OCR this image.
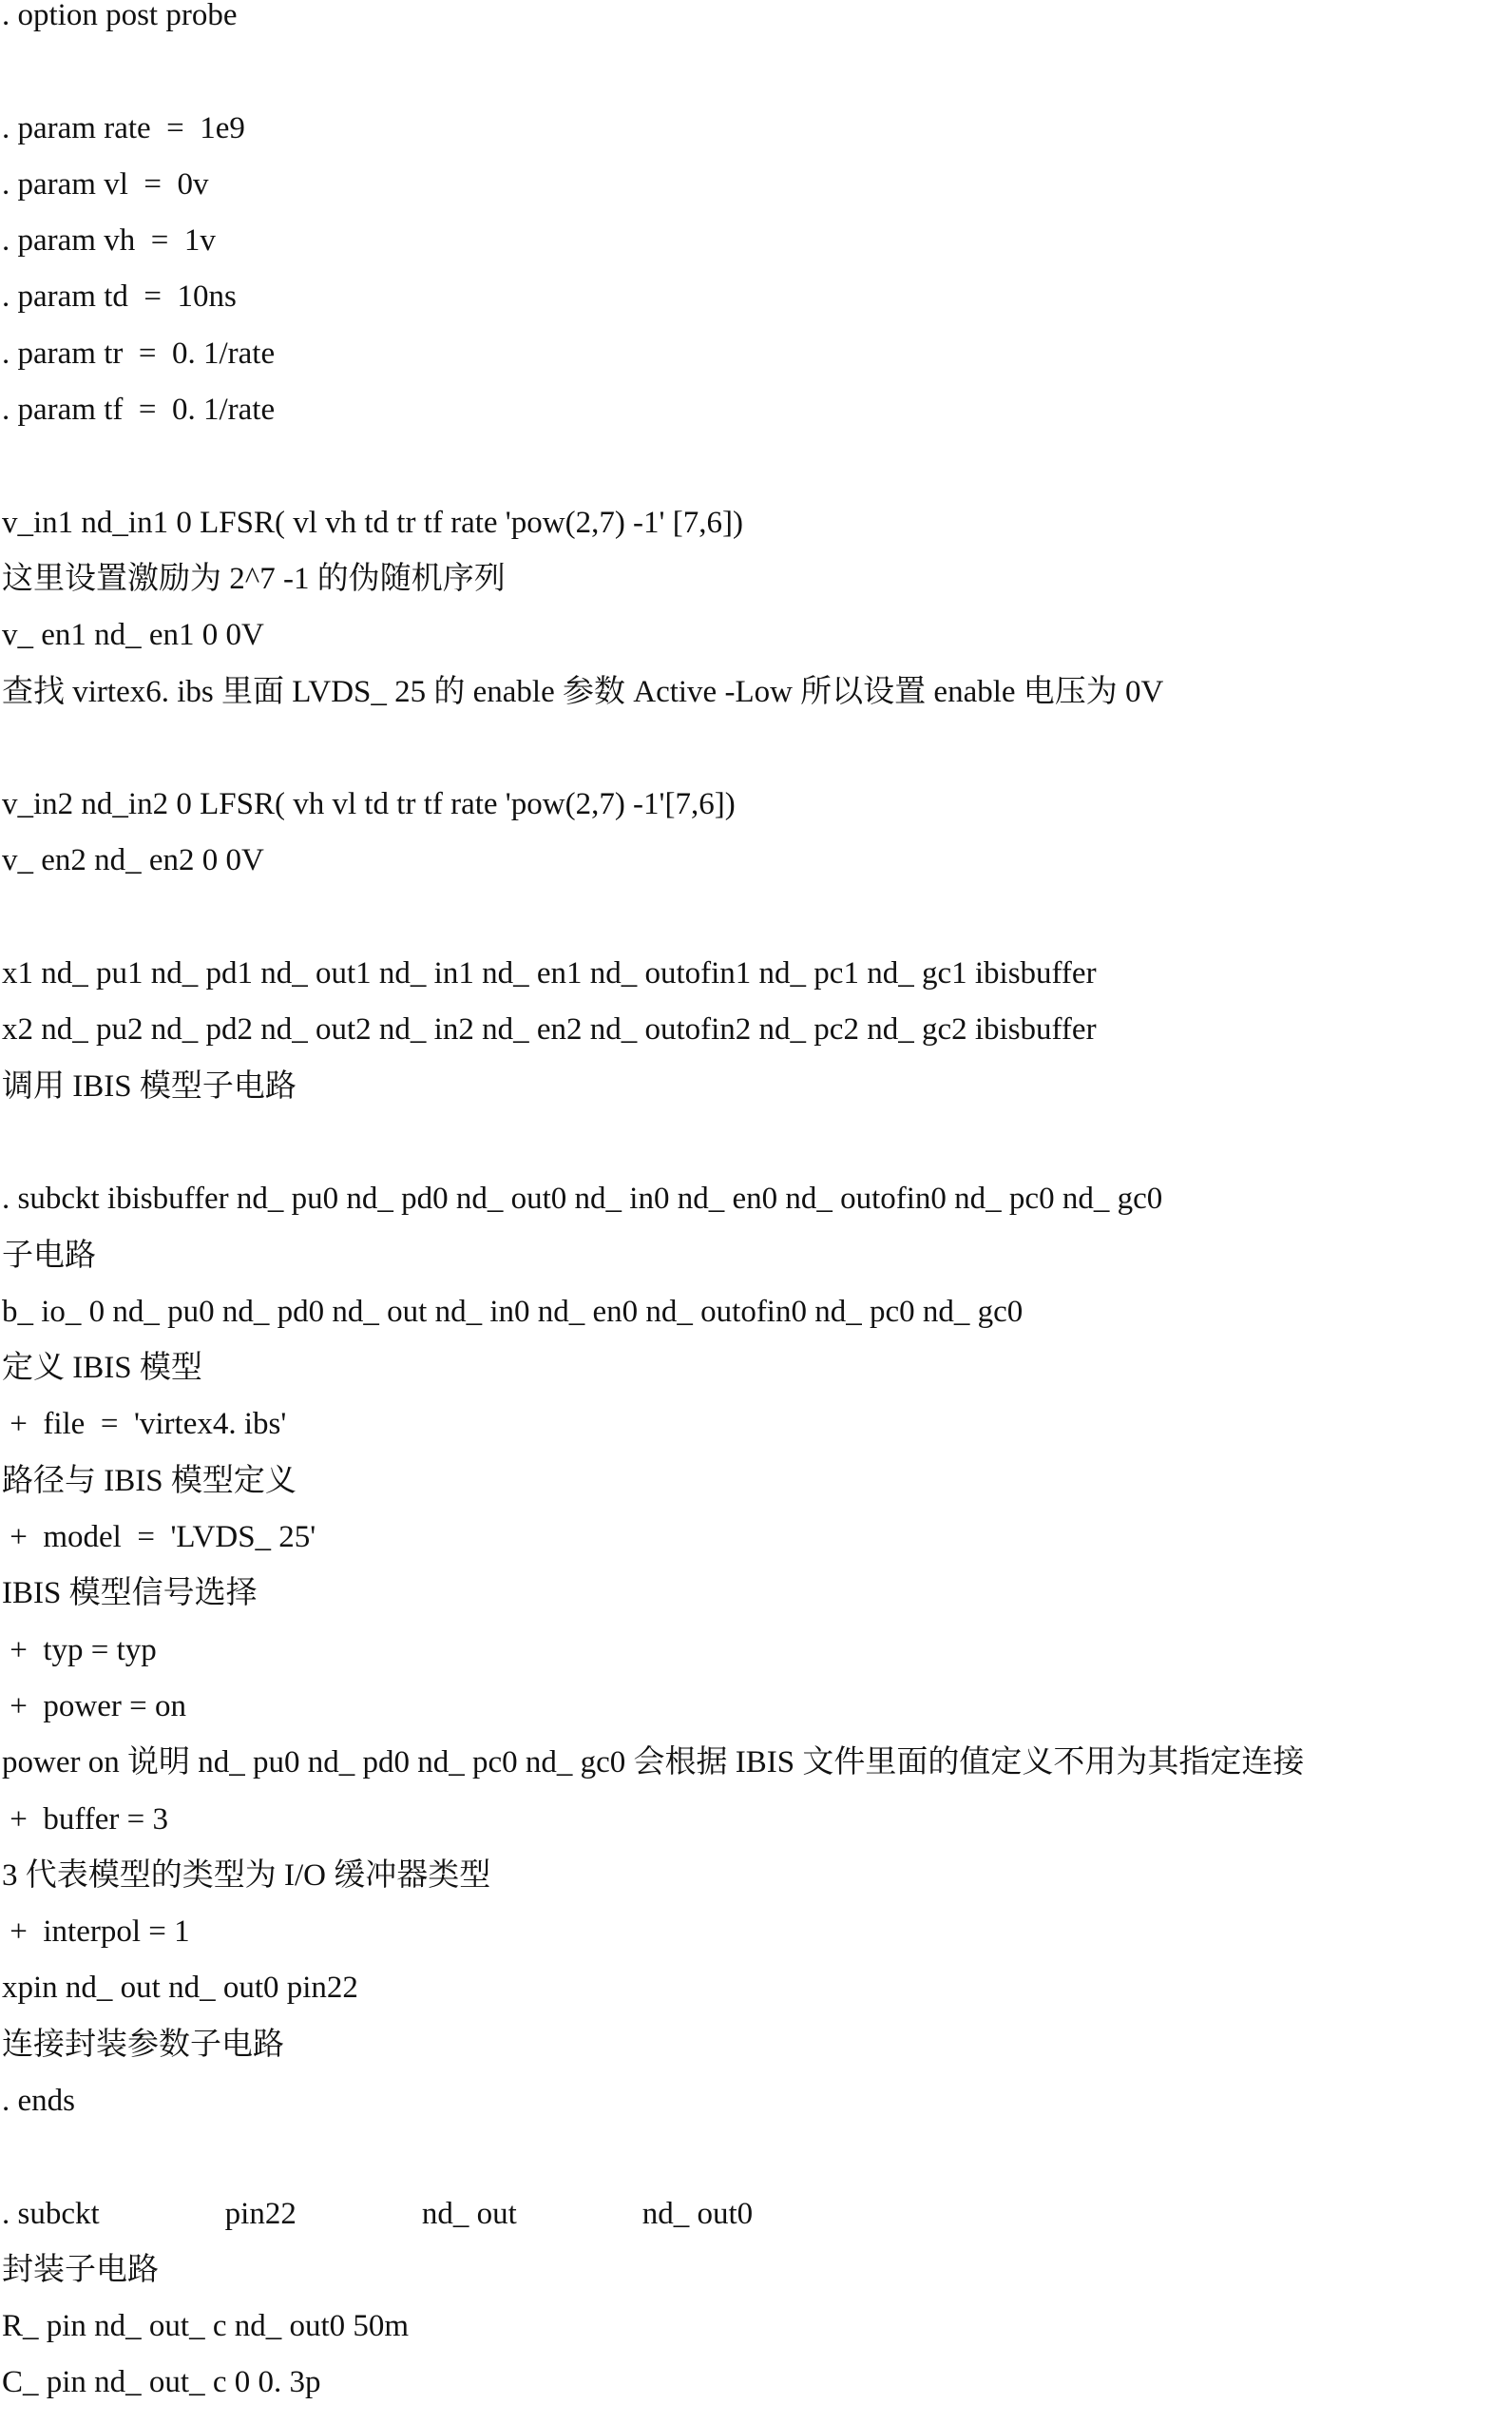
. option post probe
. param rate  =  1e9
. param vl  =  0v
. param vh  =  1v
. param td  =  10ns
. param tr  =  0. 1/rate
. param tf  =  0. 1/rate
v_in1 nd_in1 0 LFSR( vl vh td tr tf rate 'pow(2,7) -1' [7,6])
这里设置激励为 2^7 -1 的伪随机序列
v_ en1 nd_ en1 0 0V
查找 virtex6. ibs 里面 LVDS_ 25 的 enable 参数 Active -Low 所以设置 enable 电压为 0V
v_in2 nd_in2 0 LFSR( vh vl td tr tf rate 'pow(2,7) -1'[7,6])
v_ en2 nd_ en2 0 0V
x1 nd_ pu1 nd_ pd1 nd_ out1 nd_ in1 nd_ en1 nd_ outofin1 nd_ pc1 nd_ gc1 ibisbuffer
x2 nd_ pu2 nd_ pd2 nd_ out2 nd_ in2 nd_ en2 nd_ outofin2 nd_ pc2 nd_ gc2 ibisbuffer
调用 IBIS 模型子电路
. subckt ibisbuffer nd_ pu0 nd_ pd0 nd_ out0 nd_ in0 nd_ en0 nd_ outofin0 nd_ pc0 nd_ gc0
子电路
b_ io_ 0 nd_ pu0 nd_ pd0 nd_ out nd_ in0 nd_ en0 nd_ outofin0 nd_ pc0 nd_ gc0
定义 IBIS 模型
+  file  =  'virtex4. ibs'
路径与 IBIS 模型定义
+  model  =  'LVDS_ 25'
IBIS 模型信号选择
+  typ = typ
+  power = on
power on 说明 nd_ pu0 nd_ pd0 nd_ pc0 nd_ gc0 会根据 IBIS 文件里面的值定义不用为其指定连接
+  buffer = 3
3 代表模型的类型为 I/O 缓冲器类型
+  interpol = 1
xpin nd_ out nd_ out0 pin22
连接封装参数子电路
. ends
. subckt                pin22                nd_ out                nd_ out0
封装子电路
R_ pin nd_ out_ c nd_ out0 50m
C_ pin nd_ out_ c 0 0. 3p
